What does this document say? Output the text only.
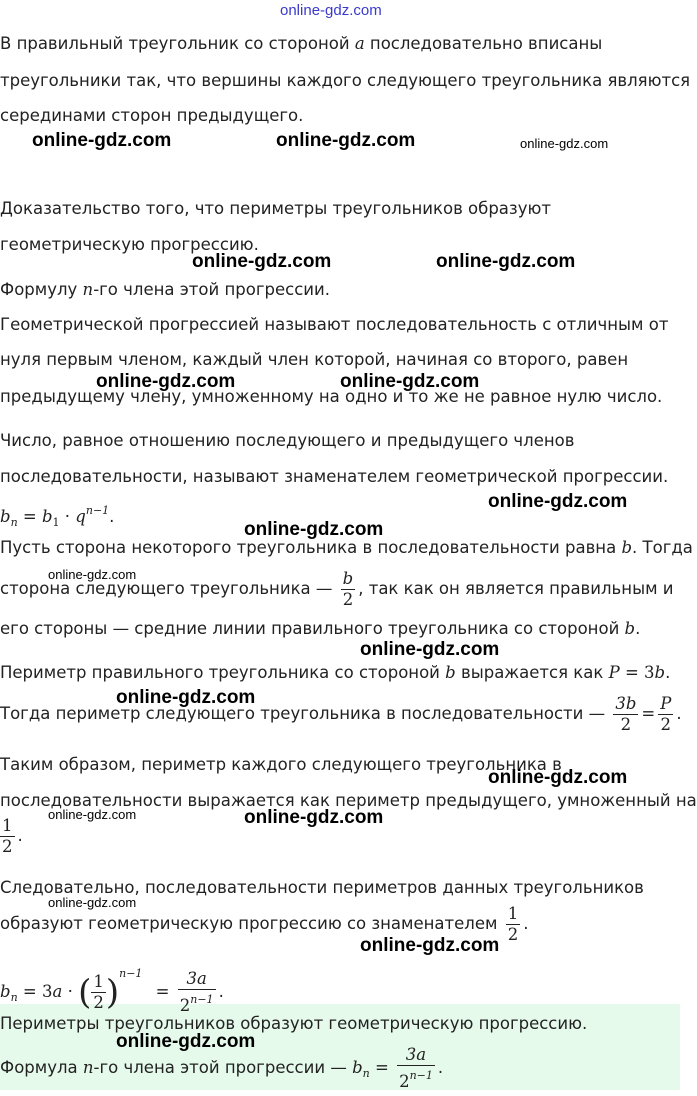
online-gdz.com
В правильный треугольник со стороной a последовательно вписаны
треугольники так, что вершины каждого следующего треугольника являются
серединами сторон предыдущего.
Доказательство того, что периметры треугольников образуют
геометрическую прогрессию.
Формулу n-го члена этой прогрессии.
Геометрической прогрессией называют последовательность с отличным от
нуля первым членом, каждый член которой, начиная со второго, равен
предыдущему члену, умноженному на одно и то же не равное нулю число.
Число, равное отношению последующего и предыдущего членов
последовательности, называют знаменателем геометрической прогрессии.
$b_n = b_1 \cdot q^{n-1}$.
Пусть сторона некоторого треугольника в последовательности равна b. Тогда
сторона следующего треугольника — $\frac{b}{2}$ , так как он является правильным и
его стороны — средние линии правильного треугольника со стороной b.
Периметр правильного треугольника со стороной b выражается как P = 3b.
Тогда периметр следующего треугольника в последовательности — $\frac{3b}{2} = \frac{P}{2}$ .
Таким образом, периметр каждого следующего треугольника в
последовательности выражается как периметр предыдущего, умноженный на
$\frac{1}{2}$ .
Следовательно, последовательности периметров данных треугольников
образуют геометрическую прогрессию со знаменателем $\frac{1}{2}$ .
$b_n = 3a$ · ( $\frac{1}{2} )^{n-1} = \frac{3a}{2^{n-1}}$ .
Периметры треугольников образуют геометрическую прогрессию.
Формула n-го члена этой прогрессии — $b_n = \frac{3a}{2^{n-1}}$ .
online-gdz.com	online-gdz.com	online-gdz.com
online-gdz.com	online-gdz.com
online-gdz.com	online-gdz.com
online-gdz.com
online-gdz.com
online-gdz.com
online-gdz.com
online-gdz.com
online-gdz.com
online-gdz.com	online-gdz.com
online-gdz.com
online-gdz.com
online-gdz.com
